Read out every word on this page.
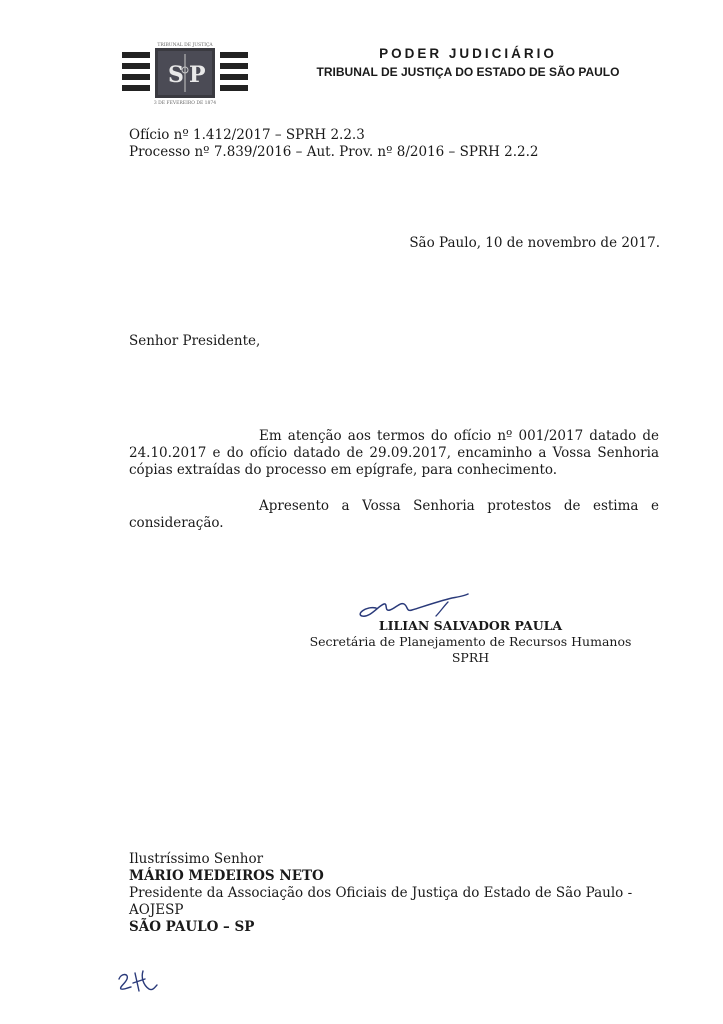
S P
TRIBUNAL DE JUSTIÇA
3 DE FEVEREIRO DE 1874
PODER JUDICIÁRIO
TRIBUNAL DE JUSTIÇA DO ESTADO DE SÃO PAULO
Ofício nº 1.412/2017 – SPRH 2.2.3
Processo nº 7.839/2016 – Aut. Prov. nº 8/2016 – SPRH 2.2.2
São Paulo, 10 de novembro de 2017.
Senhor Presidente,

Em atenção aos termos do ofício nº 001/2017 datado de 24.10.2017 e do ofício datado de 29.09.2017, encaminho a Vossa Senhoria cópias extraídas do processo em epígrafe, para conhecimento.

Apresento a Vossa Senhoria protestos de estima e consideração.

LILIAN SALVADOR PAULA
Secretária de Planejamento de Recursos Humanos
SPRH
Ilustríssimo Senhor
MÁRIO MEDEIROS NETO
Presidente da Associação dos Oficiais de Justiça do Estado de São Paulo -
AOJESP
SÃO PAULO – SP
